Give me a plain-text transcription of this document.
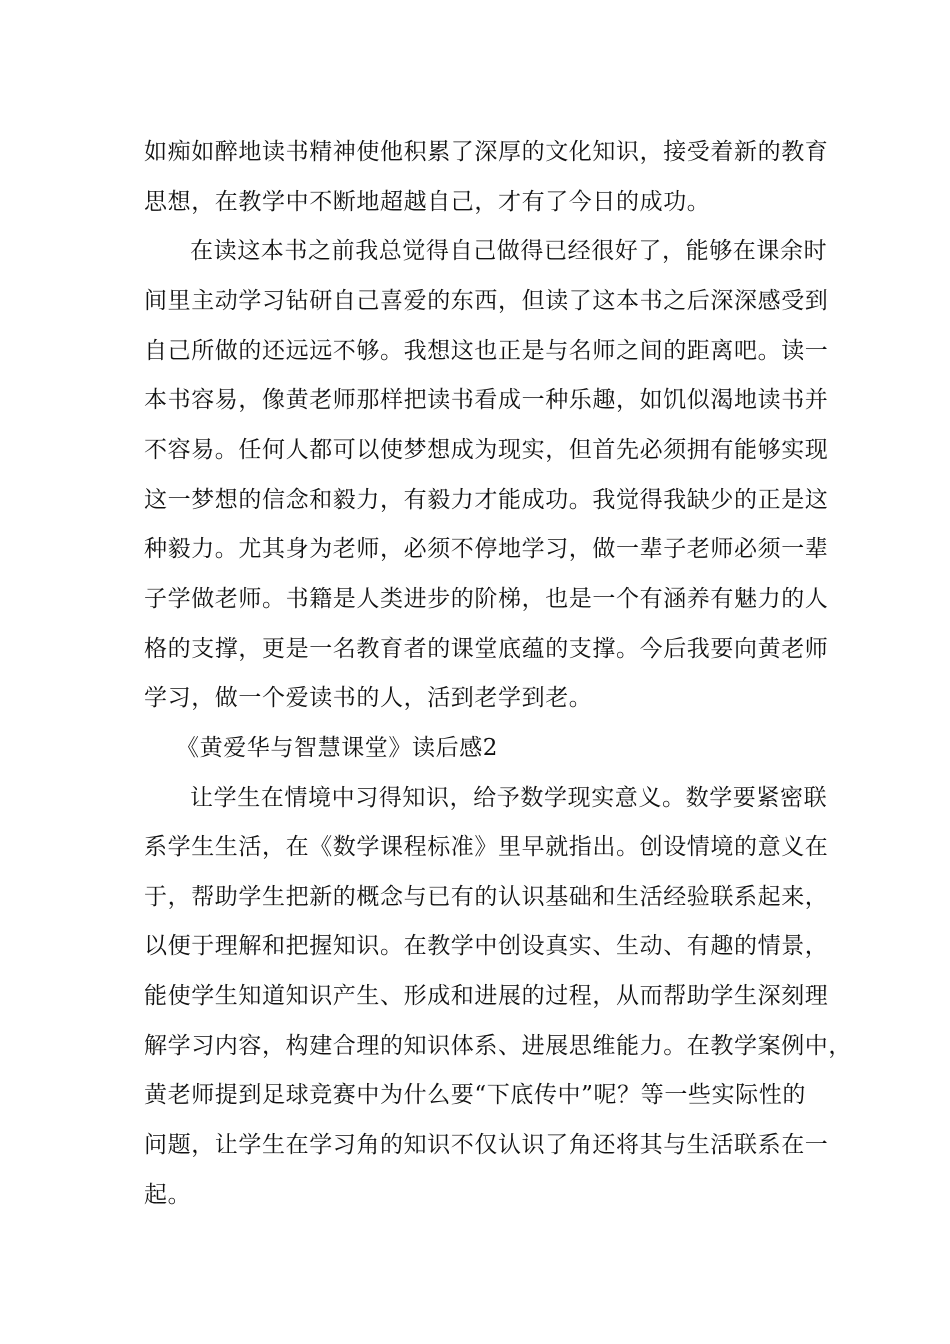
如痴如醉地读书精神使他积累了深厚的文化知识，接受着新的教育
思想，在教学中不断地超越自己，才有了今日的成功。
在读这本书之前我总觉得自己做得已经很好了，能够在课余时
间里主动学习钻研自己喜爱的东西，但读了这本书之后深深感受到
自己所做的还远远不够。我想这也正是与名师之间的距离吧。读一
本书容易，像黄老师那样把读书看成一种乐趣，如饥似渴地读书并
不容易。任何人都可以使梦想成为现实，但首先必须拥有能够实现
这一梦想的信念和毅力，有毅力才能成功。我觉得我缺少的正是这
种毅力。尤其身为老师，必须不停地学习，做一辈子老师必须一辈
子学做老师。书籍是人类进步的阶梯，也是一个有涵养有魅力的人
格的支撑，更是一名教育者的课堂底蕴的支撑。今后我要向黄老师
学习，做一个爱读书的人，活到老学到老。
《黄爱华与智慧课堂》读后感2
让学生在情境中习得知识，给予数学现实意义。数学要紧密联
系学生生活，在《数学课程标准》里早就指出。创设情境的意义在
于，帮助学生把新的概念与已有的认识基础和生活经验联系起来，
以便于理解和把握知识。在教学中创设真实、生动、有趣的情景，
能使学生知道知识产生、形成和进展的过程，从而帮助学生深刻理
解学习内容，构建合理的知识体系、进展思维能力。在教学案例中，
黄老师提到足球竞赛中为什么要“下底传中”呢？等一些实际性的
问题，让学生在学习角的知识不仅认识了角还将其与生活联系在一
起。
